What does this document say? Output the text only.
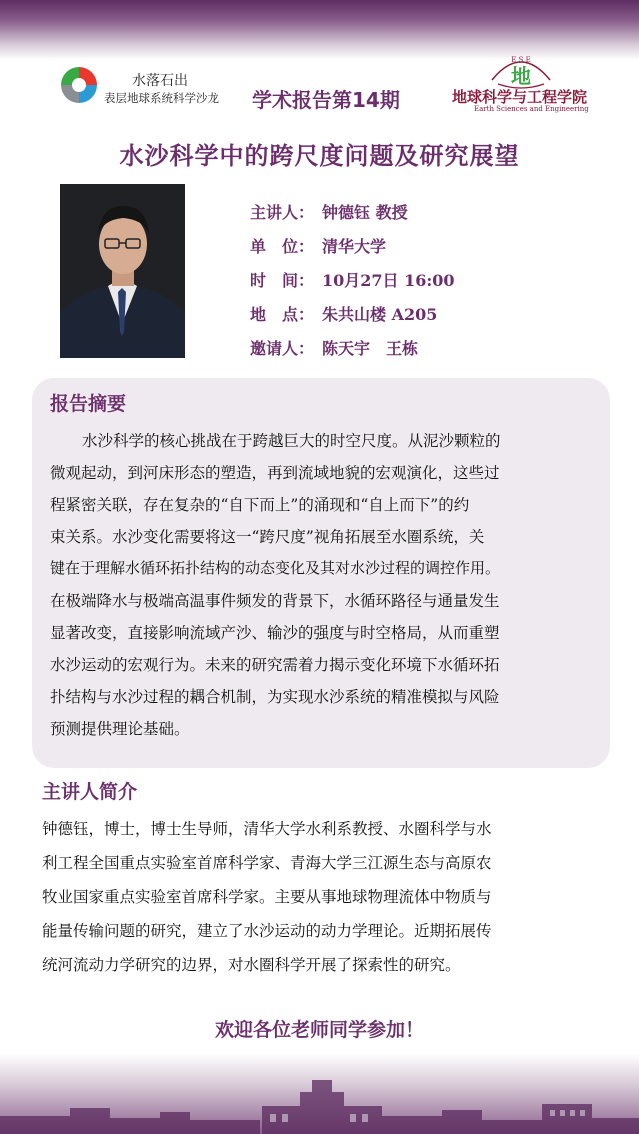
水落石出
表层地球系统科学沙龙 学术报告第14期
E S E
地
地球科学与工程学院
Earth Sciences and Engineering
水沙科学中的跨尺度问题及研究展望
主讲人： 钟德钰 教授
单　位： 清华大学
时　间： 10月27日 16:00
地　点： 朱共山楼 A205
邀请人： 陈天宇　王栋
报告摘要
水沙科学的核心挑战在于跨越巨大的时空尺度。从泥沙颗粒的
微观起动，到河床形态的塑造，再到流域地貌的宏观演化，这些过
程紧密关联，存在复杂的“自下而上”的涌现和“自上而下”的约
束关系。水沙变化需要将这一“跨尺度”视角拓展至水圈系统，关
键在于理解水循环拓扑结构的动态变化及其对水沙过程的调控作用。
在极端降水与极端高温事件频发的背景下，水循环路径与通量发生
显著改变，直接影响流域产沙、输沙的强度与时空格局，从而重塑
水沙运动的宏观行为。未来的研究需着力揭示变化环境下水循环拓
扑结构与水沙过程的耦合机制，为实现水沙系统的精准模拟与风险
预测提供理论基础。
主讲人简介
钟德钰，博士，博士生导师，清华大学水利系教授、水圈科学与水
利工程全国重点实验室首席科学家、青海大学三江源生态与高原农
牧业国家重点实验室首席科学家。主要从事地球物理流体中物质与
能量传输问题的研究，建立了水沙运动的动力学理论。近期拓展传
统河流动力学研究的边界，对水圈科学开展了探索性的研究。
欢迎各位老师同学参加！
